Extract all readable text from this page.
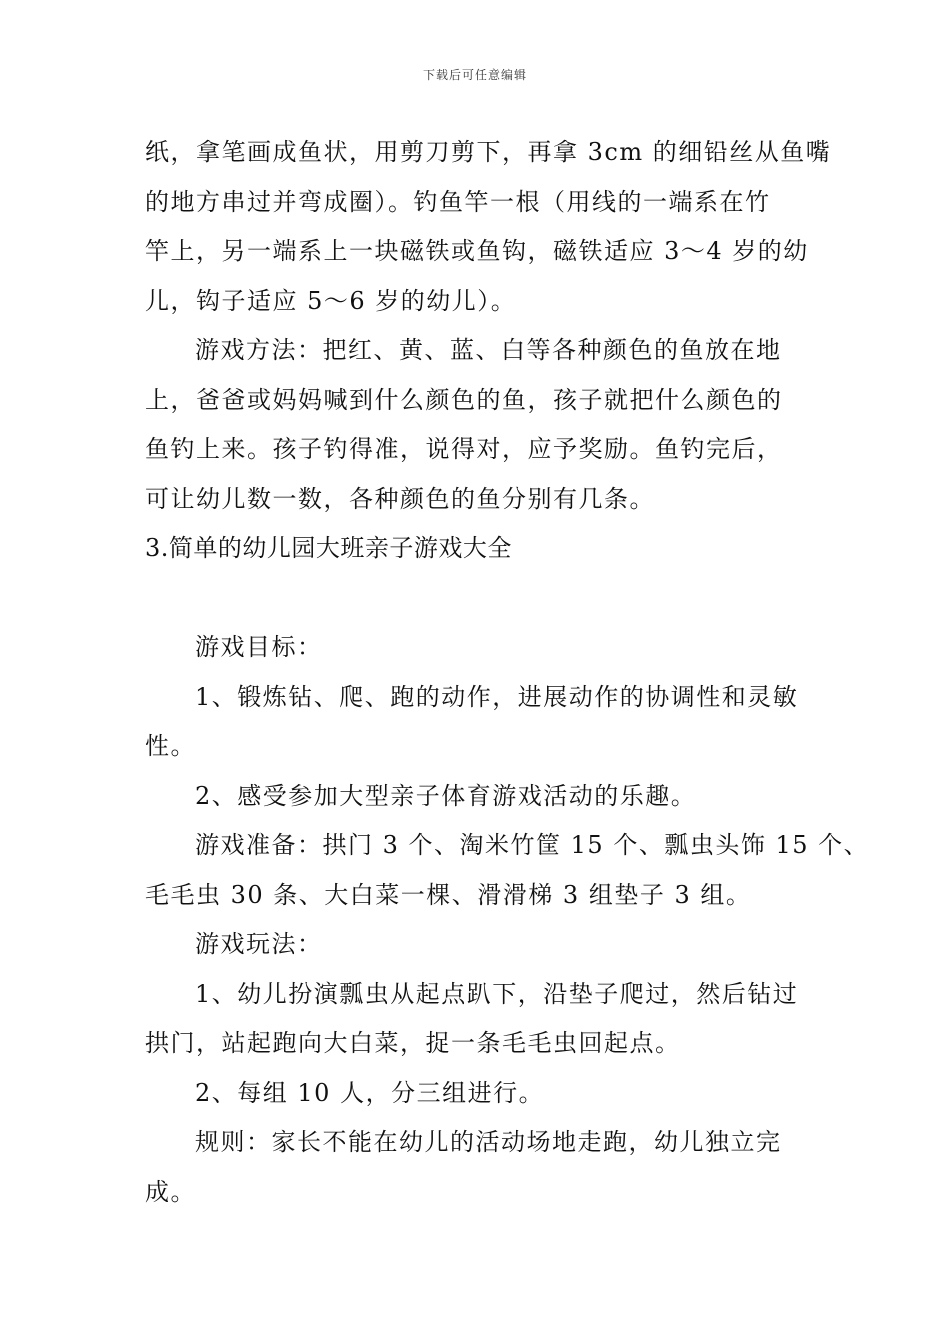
下载后可任意编辑
纸，拿笔画成鱼状，用剪刀剪下，再拿 3cm 的细铅丝从鱼嘴
的地方串过并弯成圈）。钓鱼竿一根（用线的一端系在竹
竿上，另一端系上一块磁铁或鱼钩，磁铁适应 3～4 岁的幼
儿，钩子适应 5～6 岁的幼儿）。
游戏方法：把红、黄、蓝、白等各种颜色的鱼放在地
上，爸爸或妈妈喊到什么颜色的鱼，孩子就把什么颜色的
鱼钓上来。孩子钓得准，说得对，应予奖励。鱼钓完后，
可让幼儿数一数，各种颜色的鱼分别有几条。
3.简单的幼儿园大班亲子游戏大全
游戏目标：
1、锻炼钻、爬、跑的动作，进展动作的协调性和灵敏
性。
2、感受参加大型亲子体育游戏活动的乐趣。
游戏准备：拱门 3 个、淘米竹筐 15 个、瓢虫头饰 15 个、
毛毛虫 30 条、大白菜一棵、滑滑梯 3 组垫子 3 组。
游戏玩法：
1、幼儿扮演瓢虫从起点趴下，沿垫子爬过，然后钻过
拱门，站起跑向大白菜，捉一条毛毛虫回起点。
2、每组 10 人，分三组进行。
规则：家长不能在幼儿的活动场地走跑，幼儿独立完
成。
